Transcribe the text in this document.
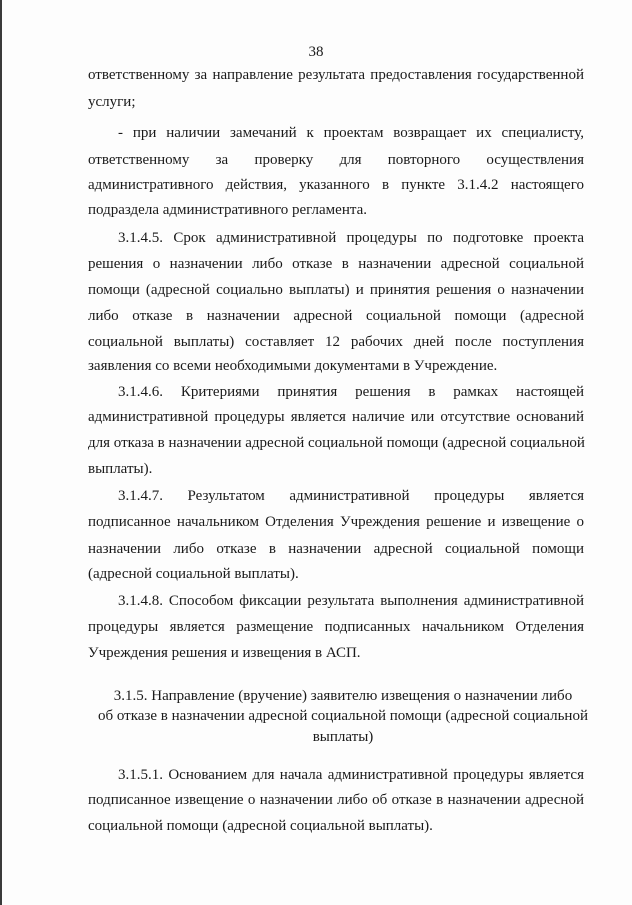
38
ответственному за направление результата предоставления государственной
услуги;
- при наличии замечаний к проектам возвращает их специалисту,
ответственному за проверку для повторного осуществления
административного действия, указанного в пункте 3.1.4.2 настоящего
подраздела административного регламента.
3.1.4.5. Срок административной процедуры по подготовке проекта
решения о назначении либо отказе в назначении адресной социальной
помощи (адресной социально выплаты) и принятия решения о назначении
либо отказе в назначении адресной социальной помощи (адресной
социальной выплаты) составляет 12 рабочих дней после поступления
заявления со всеми необходимыми документами в Учреждение.
3.1.4.6. Критериями принятия решения в рамках настоящей
административной процедуры является наличие или отсутствие оснований
для отказа в назначении адресной социальной помощи (адресной социальной
выплаты).
3.1.4.7. Результатом административной процедуры является
подписанное начальником Отделения Учреждения решение и извещение о
назначении либо отказе в назначении адресной социальной помощи
(адресной социальной выплаты).
3.1.4.8. Способом фиксации результата выполнения административной
процедуры является размещение подписанных начальником Отделения
Учреждения решения и извещения в АСП.
3.1.5. Направление (вручение) заявителю извещения о назначении либо
об отказе в назначении адресной социальной помощи (адресной социальной
выплаты)
3.1.5.1. Основанием для начала административной процедуры является
подписанное извещение о назначении либо об отказе в назначении адресной
социальной помощи (адресной социальной выплаты).
